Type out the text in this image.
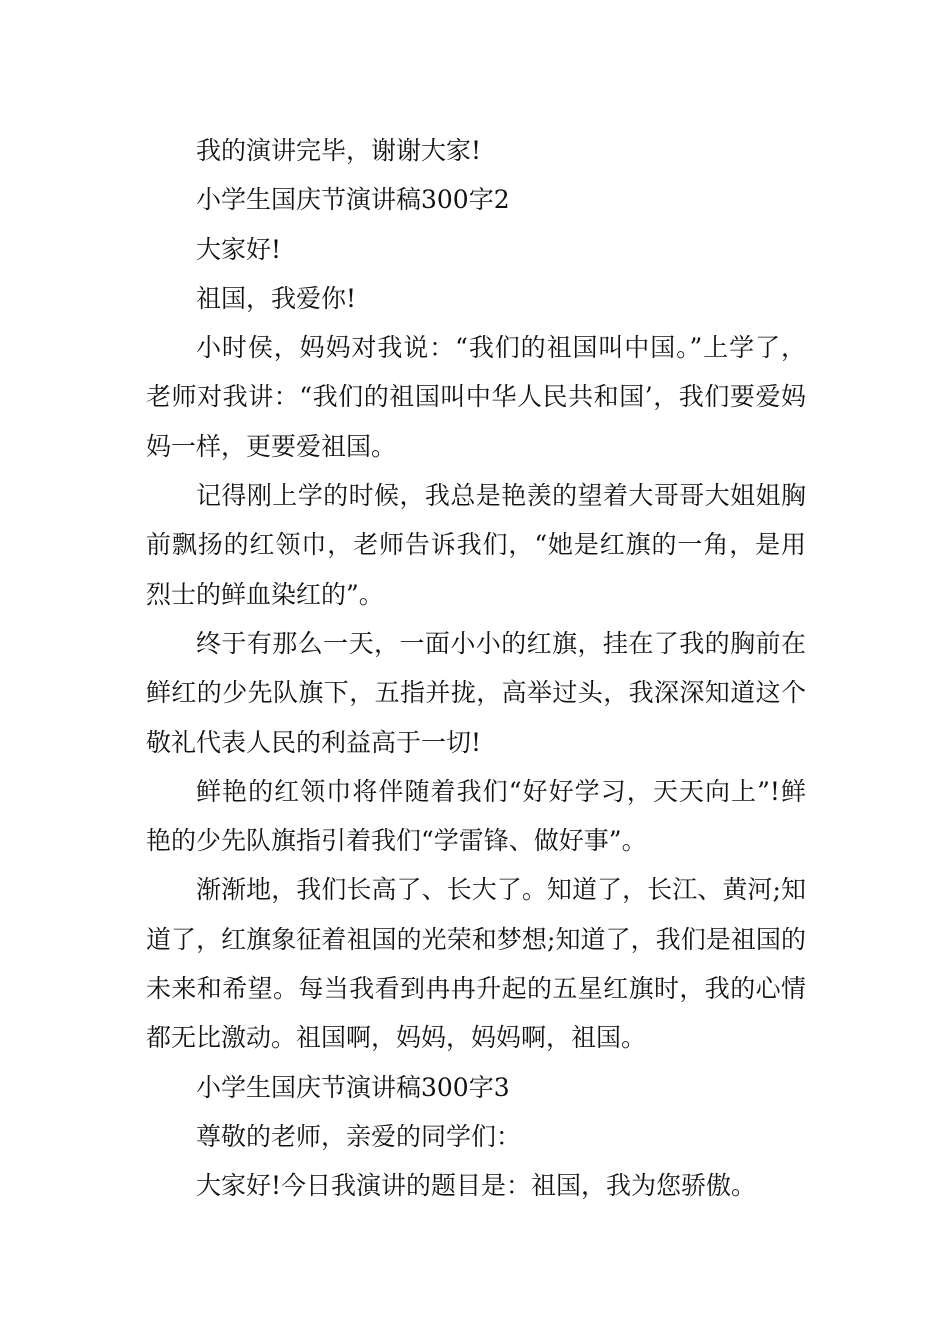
我的演讲完毕，谢谢大家!

小学生国庆节演讲稿300字2

大家好!

祖国，我爱你!

小时侯，妈妈对我说：“我们的祖国叫中国。”上学了，老师对我讲：“我们的祖国叫中华人民共和国’，我们要爱妈妈一样，更要爱祖国。

记得刚上学的时候，我总是艳羡的望着大哥哥大姐姐胸前飘扬的红领巾，老师告诉我们，“她是红旗的一角，是用烈士的鲜血染红的”。

终于有那么一天，一面小小的红旗，挂在了我的胸前在鲜红的少先队旗下，五指并拢，高举过头，我深深知道这个敬礼代表人民的利益高于一切!

鲜艳的红领巾将伴随着我们“好好学习，天天向上”!鲜艳的少先队旗指引着我们“学雷锋、做好事”。

渐渐地，我们长高了、长大了。知道了，长江、黄河;知道了，红旗象征着祖国的光荣和梦想;知道了，我们是祖国的未来和希望。每当我看到冉冉升起的五星红旗时，我的心情都无比激动。祖国啊，妈妈，妈妈啊，祖国。

小学生国庆节演讲稿300字3

尊敬的老师，亲爱的同学们：

大家好!今日我演讲的题目是：祖国，我为您骄傲。
